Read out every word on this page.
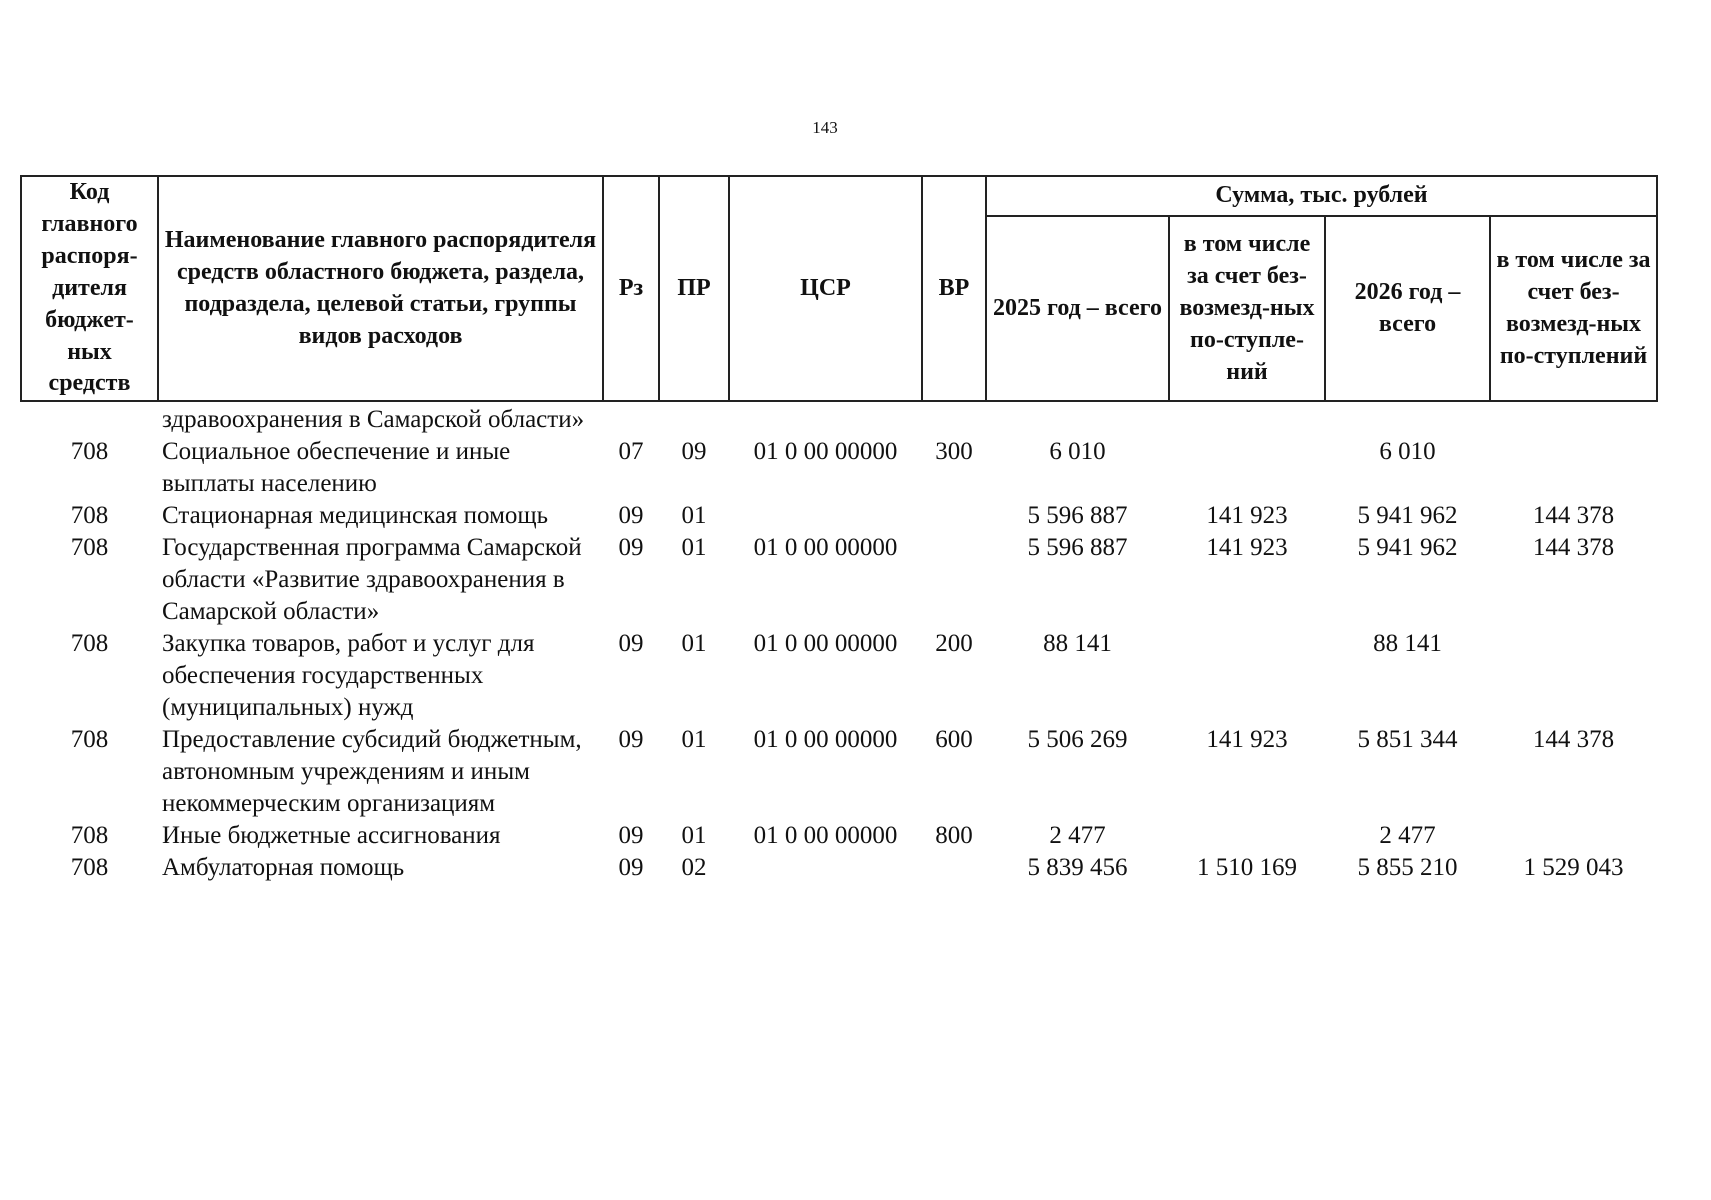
143
Код главного распоря-дителя бюджет-ных средств	Наименование главного распорядителя средств областного бюджета, раздела, подраздела, целевой статьи, группы видов расходов	Рз	ПР	ЦСР	ВР	Сумма, тыс. рублей			
						2025 год – всего	в том числе за счет без-возмезд-ных по-ступле-ний	2026 год – всего	в том числе за счет без-возмезд-ных по-ступлений
	здравоохранения в Самарской области»								
708	Социальное обеспечение и иные выплаты населению	07	09	01 0 00 00000	300	6 010		6 010	
708	Стационарная медицинская помощь	09	01			5 596 887	141 923	5 941 962	144 378
708	Государственная программа Самарской области «Развитие здравоохранения в Самарской области»	09	01	01 0 00 00000		5 596 887	141 923	5 941 962	144 378
708	Закупка товаров, работ и услуг для обеспечения государственных (муниципальных) нужд	09	01	01 0 00 00000	200	88 141		88 141	
708	Предоставление субсидий бюджетным, автономным учреждениям и иным некоммерческим организациям	09	01	01 0 00 00000	600	5 506 269	141 923	5 851 344	144 378
708	Иные бюджетные ассигнования	09	01	01 0 00 00000	800	2 477		2 477	
708	Амбулаторная помощь	09	02			5 839 456	1 510 169	5 855 210	1 529 043
